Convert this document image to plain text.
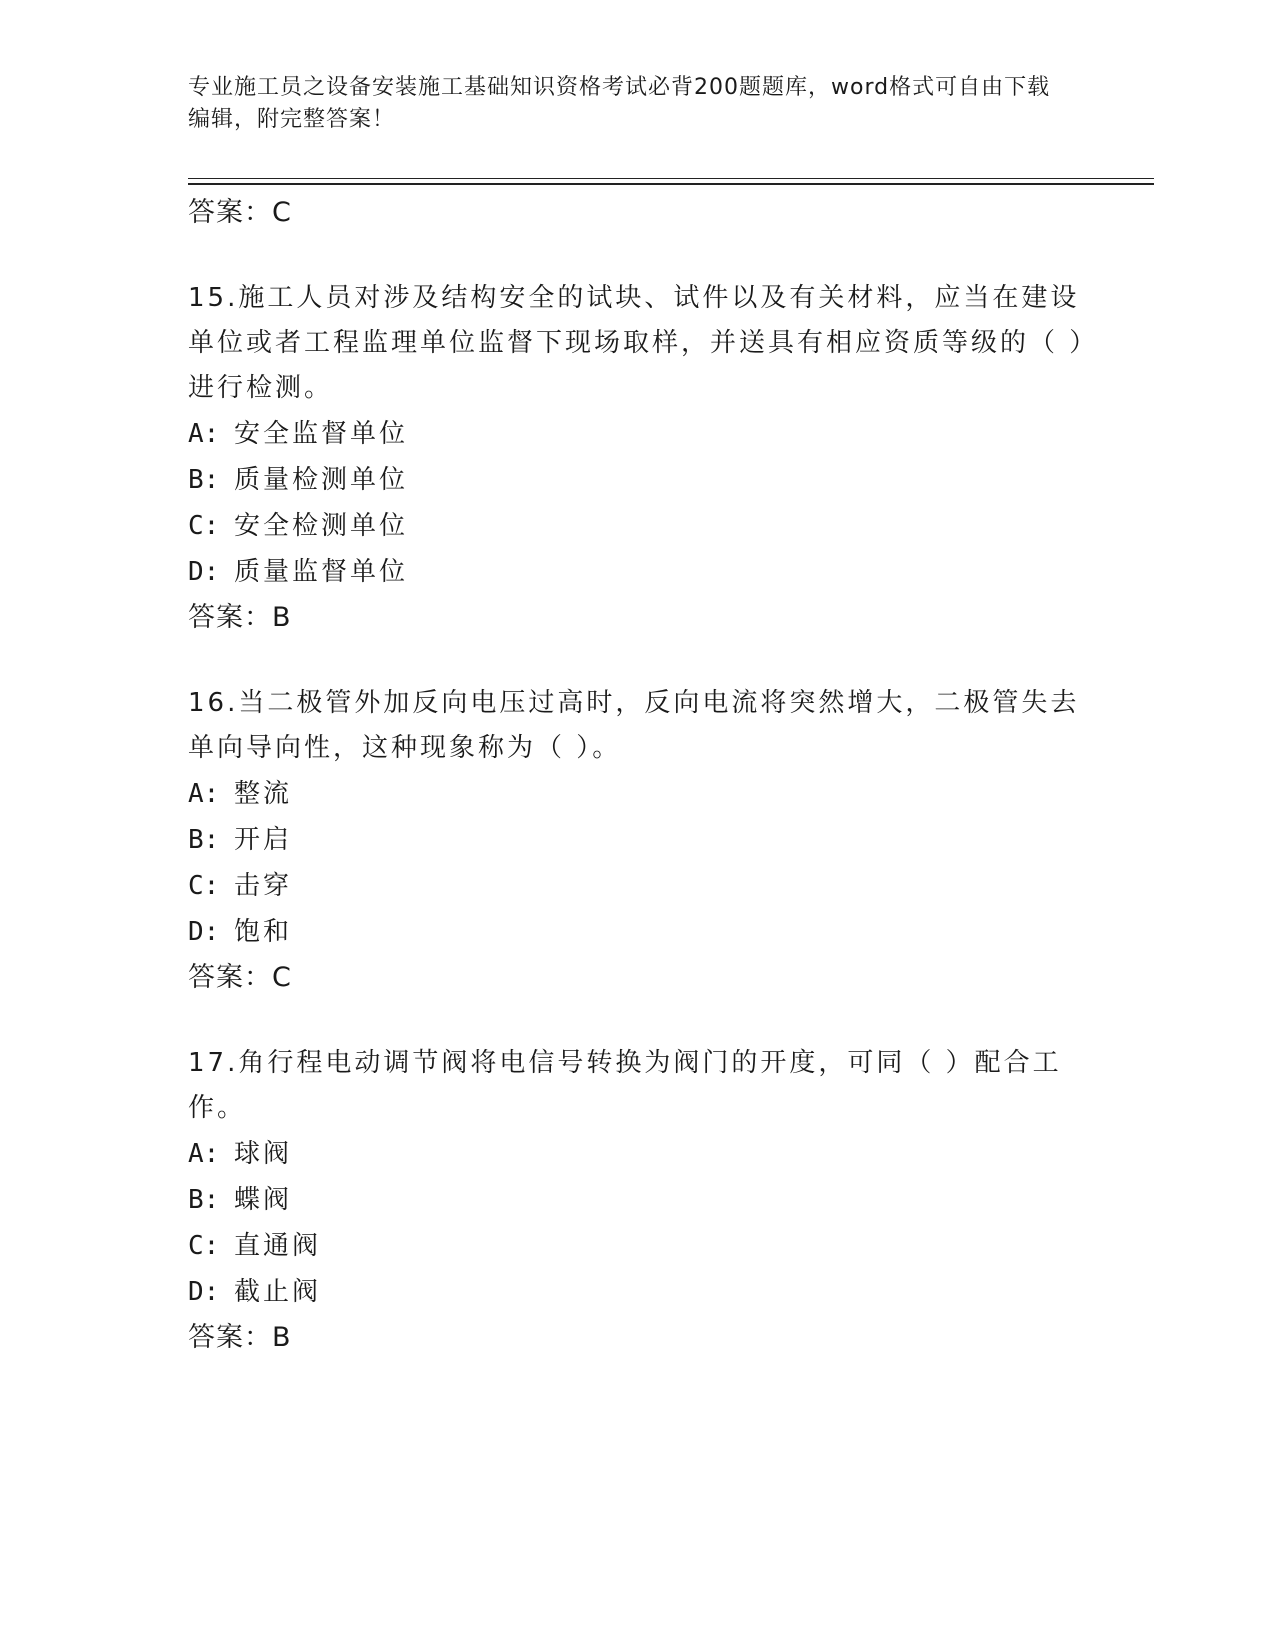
专业施工员之设备安装施工基础知识资格考试必背200题题库，word格式可自由下载编辑，附完整答案！
答案：C
15.施工人员对涉及结构安全的试块、试件以及有关材料，应当在建设单位或者工程监理单位监督下现场取样，并送具有相应资质等级的（ ）进行检测。
A: 安全监督单位
B: 质量检测单位
C: 安全检测单位
D: 质量监督单位
答案：B
16.当二极管外加反向电压过高时，反向电流将突然增大，二极管失去单向导向性，这种现象称为（ ）。
A: 整流
B: 开启
C: 击穿
D: 饱和
答案：C
17.角行程电动调节阀将电信号转换为阀门的开度，可同（ ）配合工作。
A: 球阀
B: 蝶阀
C: 直通阀
D: 截止阀
答案：B
